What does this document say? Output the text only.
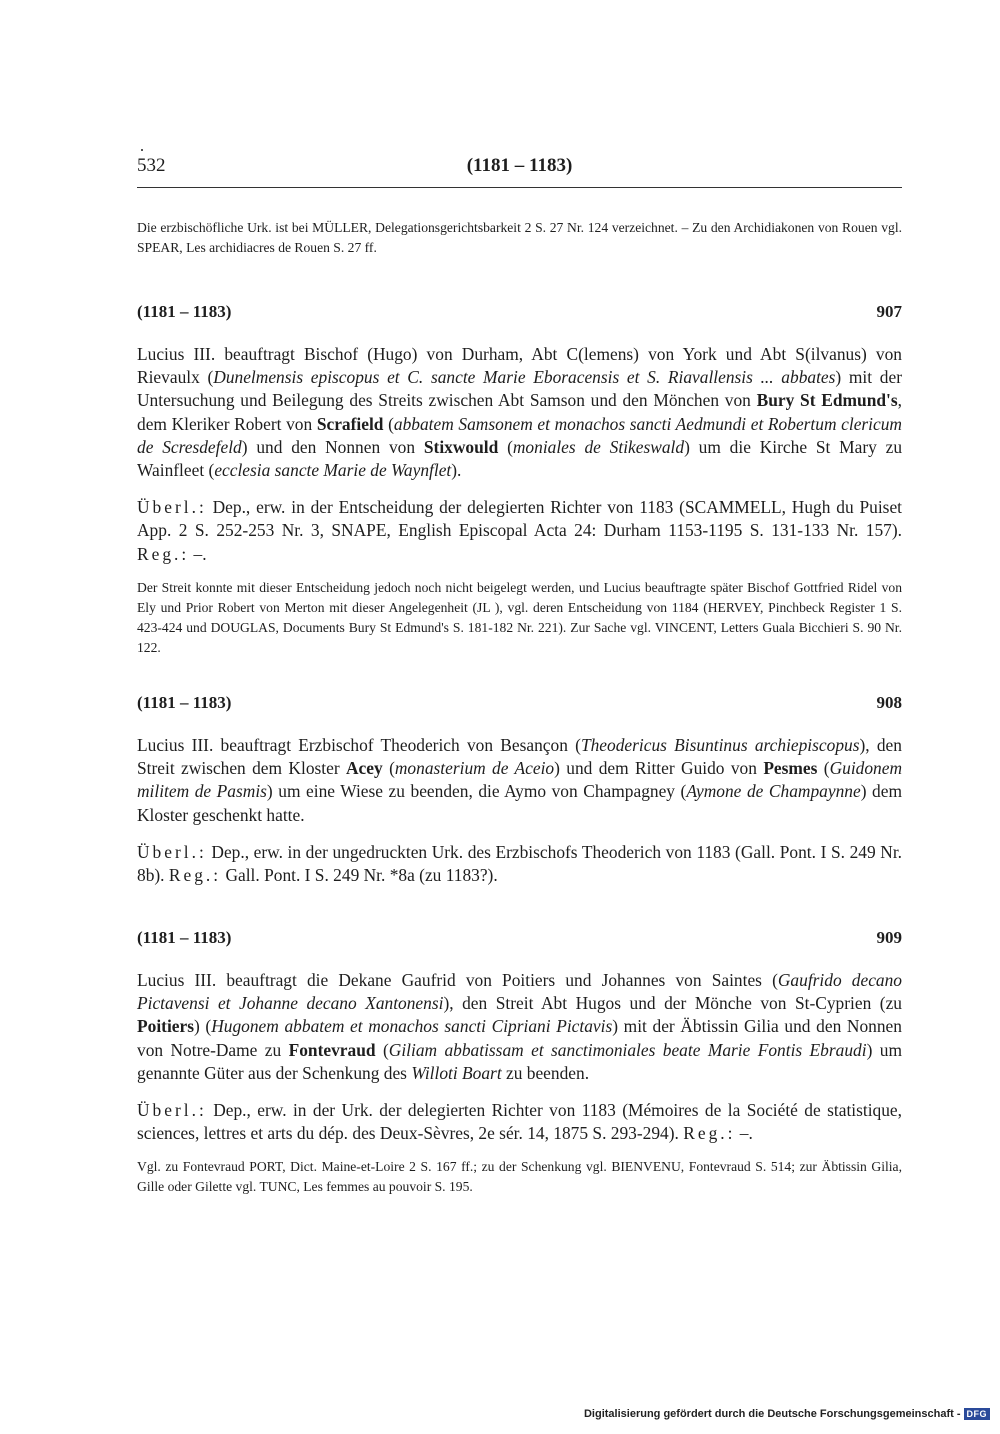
532	(1181 – 1183)

Die erzbischöfliche Urk. ist bei MÜLLER, Delegationsgerichtsbarkeit 2 S. 27 Nr. 124 verzeichnet. – Zu den Archidiakonen von Rouen vgl. SPEAR, Les archidiacres de Rouen S. 27 ff.

(1181 – 1183)	907

Lucius III. beauftragt Bischof (Hugo) von Durham, Abt C(lemens) von York und Abt S(ilvanus) von Rievaulx (Dunelmensis episcopus et C. sancte Marie Eboracensis et S. Riavallensis ... abbates) mit der Untersuchung und Beilegung des Streits zwischen Abt Samson und den Mönchen von Bury St Edmund's, dem Kleriker Robert von Scrafield (abbatem Samsonem et monachos sancti Aedmundi et Robertum clericum de Scresdefeld) und den Nonnen von Stixwould (moniales de Stikeswald) um die Kirche St Mary zu Wainfleet (ecclesia sancte Marie de Waynflet).

Überl.: Dep., erw. in der Entscheidung der delegierten Richter von 1183 (SCAMMELL, Hugh du Puiset App. 2 S. 252-253 Nr. 3, SNAPE, English Episcopal Acta 24: Durham 1153-1195 S. 131-133 Nr. 157). Reg.: –.

Der Streit konnte mit dieser Entscheidung jedoch noch nicht beigelegt werden, und Lucius beauftragte später Bischof Gottfried Ridel von Ely und Prior Robert von Merton mit dieser Angelegenheit (JL ), vgl. deren Entscheidung von 1184 (HERVEY, Pinchbeck Register 1 S. 423-424 und DOUGLAS, Documents Bury St Edmund's S. 181-182 Nr. 221). Zur Sache vgl. VINCENT, Letters Guala Bicchieri S. 90 Nr. 122.

(1181 – 1183)	908

Lucius III. beauftragt Erzbischof Theoderich von Besançon (Theodericus Bisuntinus archiepiscopus), den Streit zwischen dem Kloster Acey (monasterium de Aceio) und dem Ritter Guido von Pesmes (Guidonem militem de Pasmis) um eine Wiese zu beenden, die Aymo von Champagney (Aymone de Champaynne) dem Kloster geschenkt hatte.

Überl.: Dep., erw. in der ungedruckten Urk. des Erzbischofs Theoderich von 1183 (Gall. Pont. I S. 249 Nr. 8b). Reg.: Gall. Pont. I S. 249 Nr. *8a (zu 1183?).

(1181 – 1183)	909

Lucius III. beauftragt die Dekane Gaufrid von Poitiers und Johannes von Saintes (Gaufrido decano Pictavensi et Johanne decano Xantonensi), den Streit Abt Hugos und der Mönche von St-Cyprien (zu Poitiers) (Hugonem abbatem et monachos sancti Cipriani Pictavis) mit der Äbtissin Gilia und den Nonnen von Notre-Dame zu Fontevraud (Giliam abbatissam et sanctimoniales beate Marie Fontis Ebraudi) um genannte Güter aus der Schenkung des Willoti Boart zu beenden.

Überl.: Dep., erw. in der Urk. der delegierten Richter von 1183 (Mémoires de la Société de statistique, sciences, lettres et arts du dép. des Deux-Sèvres, 2e sér. 14, 1875 S. 293-294). Reg.: –.

Vgl. zu Fontevraud PORT, Dict. Maine-et-Loire 2 S. 167 ff.; zu der Schenkung vgl. BIENVENU, Fontevraud S. 514; zur Äbtissin Gilia, Gille oder Gilette vgl. TUNC, Les femmes au pouvoir S. 195.

Digitalisierung gefördert durch die Deutsche Forschungsgemeinschaft - DFG
